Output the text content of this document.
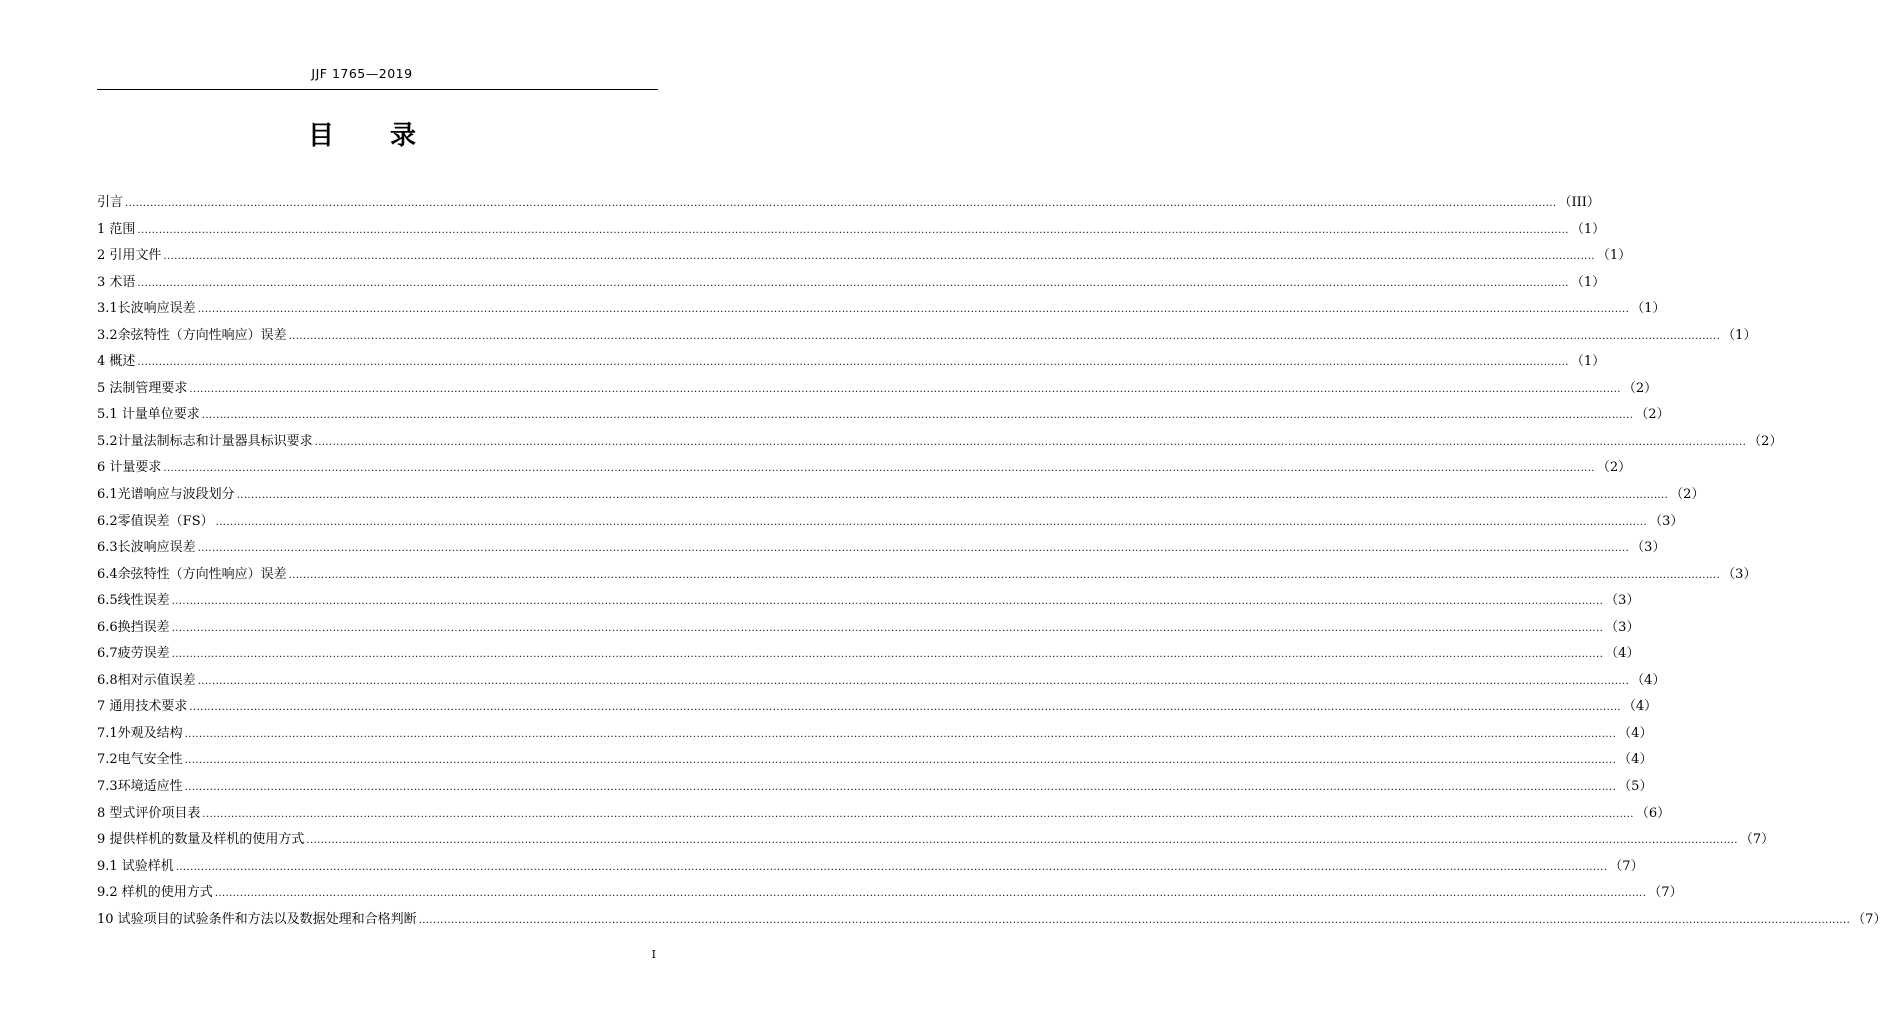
JJF 1765—2019
目 录
引言 ................................................................................................................................................................................................................................................................................................................................................................................................................ （III）
1 范围 ................................................................................................................................................................................................................................................................................................................................................................................................................ （1）
2 引用文件 ................................................................................................................................................................................................................................................................................................................................................................................................................ （1）
3 术语 ................................................................................................................................................................................................................................................................................................................................................................................................................ （1）
3.1长波响应误差 ................................................................................................................................................................................................................................................................................................................................................................................................................ （1）
3.2余弦特性（方向性响应）误差 ................................................................................................................................................................................................................................................................................................................................................................................................................ （1）
4 概述 ................................................................................................................................................................................................................................................................................................................................................................................................................ （1）
5 法制管理要求 ................................................................................................................................................................................................................................................................................................................................................................................................................ （2）
5.1 计量单位要求 ................................................................................................................................................................................................................................................................................................................................................................................................................ （2）
5.2计量法制标志和计量器具标识要求 ................................................................................................................................................................................................................................................................................................................................................................................................................ （2）
6 计量要求 ................................................................................................................................................................................................................................................................................................................................................................................................................ （2）
6.1光谱响应与波段划分 ................................................................................................................................................................................................................................................................................................................................................................................................................ （2）
6.2零值误差（FS） ................................................................................................................................................................................................................................................................................................................................................................................................................ （3）
6.3长波响应误差 ................................................................................................................................................................................................................................................................................................................................................................................................................ （3）
6.4余弦特性（方向性响应）误差 ................................................................................................................................................................................................................................................................................................................................................................................................................ （3）
6.5线性误差 ................................................................................................................................................................................................................................................................................................................................................................................................................ （3）
6.6换挡误差 ................................................................................................................................................................................................................................................................................................................................................................................................................ （3）
6.7疲劳误差 ................................................................................................................................................................................................................................................................................................................................................................................................................ （4）
6.8相对示值误差 ................................................................................................................................................................................................................................................................................................................................................................................................................ （4）
7 通用技术要求 ................................................................................................................................................................................................................................................................................................................................................................................................................ （4）
7.1外观及结构 ................................................................................................................................................................................................................................................................................................................................................................................................................ （4）
7.2电气安全性 ................................................................................................................................................................................................................................................................................................................................................................................................................ （4）
7.3环境适应性 ................................................................................................................................................................................................................................................................................................................................................................................................................ （5）
8 型式评价项目表 ................................................................................................................................................................................................................................................................................................................................................................................................................ （6）
9 提供样机的数量及样机的使用方式 ................................................................................................................................................................................................................................................................................................................................................................................................................ （7）
9.1 试验样机 ................................................................................................................................................................................................................................................................................................................................................................................................................ （7）
9.2 样机的使用方式 ................................................................................................................................................................................................................................................................................................................................................................................................................ （7）
10 试验项目的试验条件和方法以及数据处理和合格判断 ................................................................................................................................................................................................................................................................................................................................................................................................................ （7）
I
